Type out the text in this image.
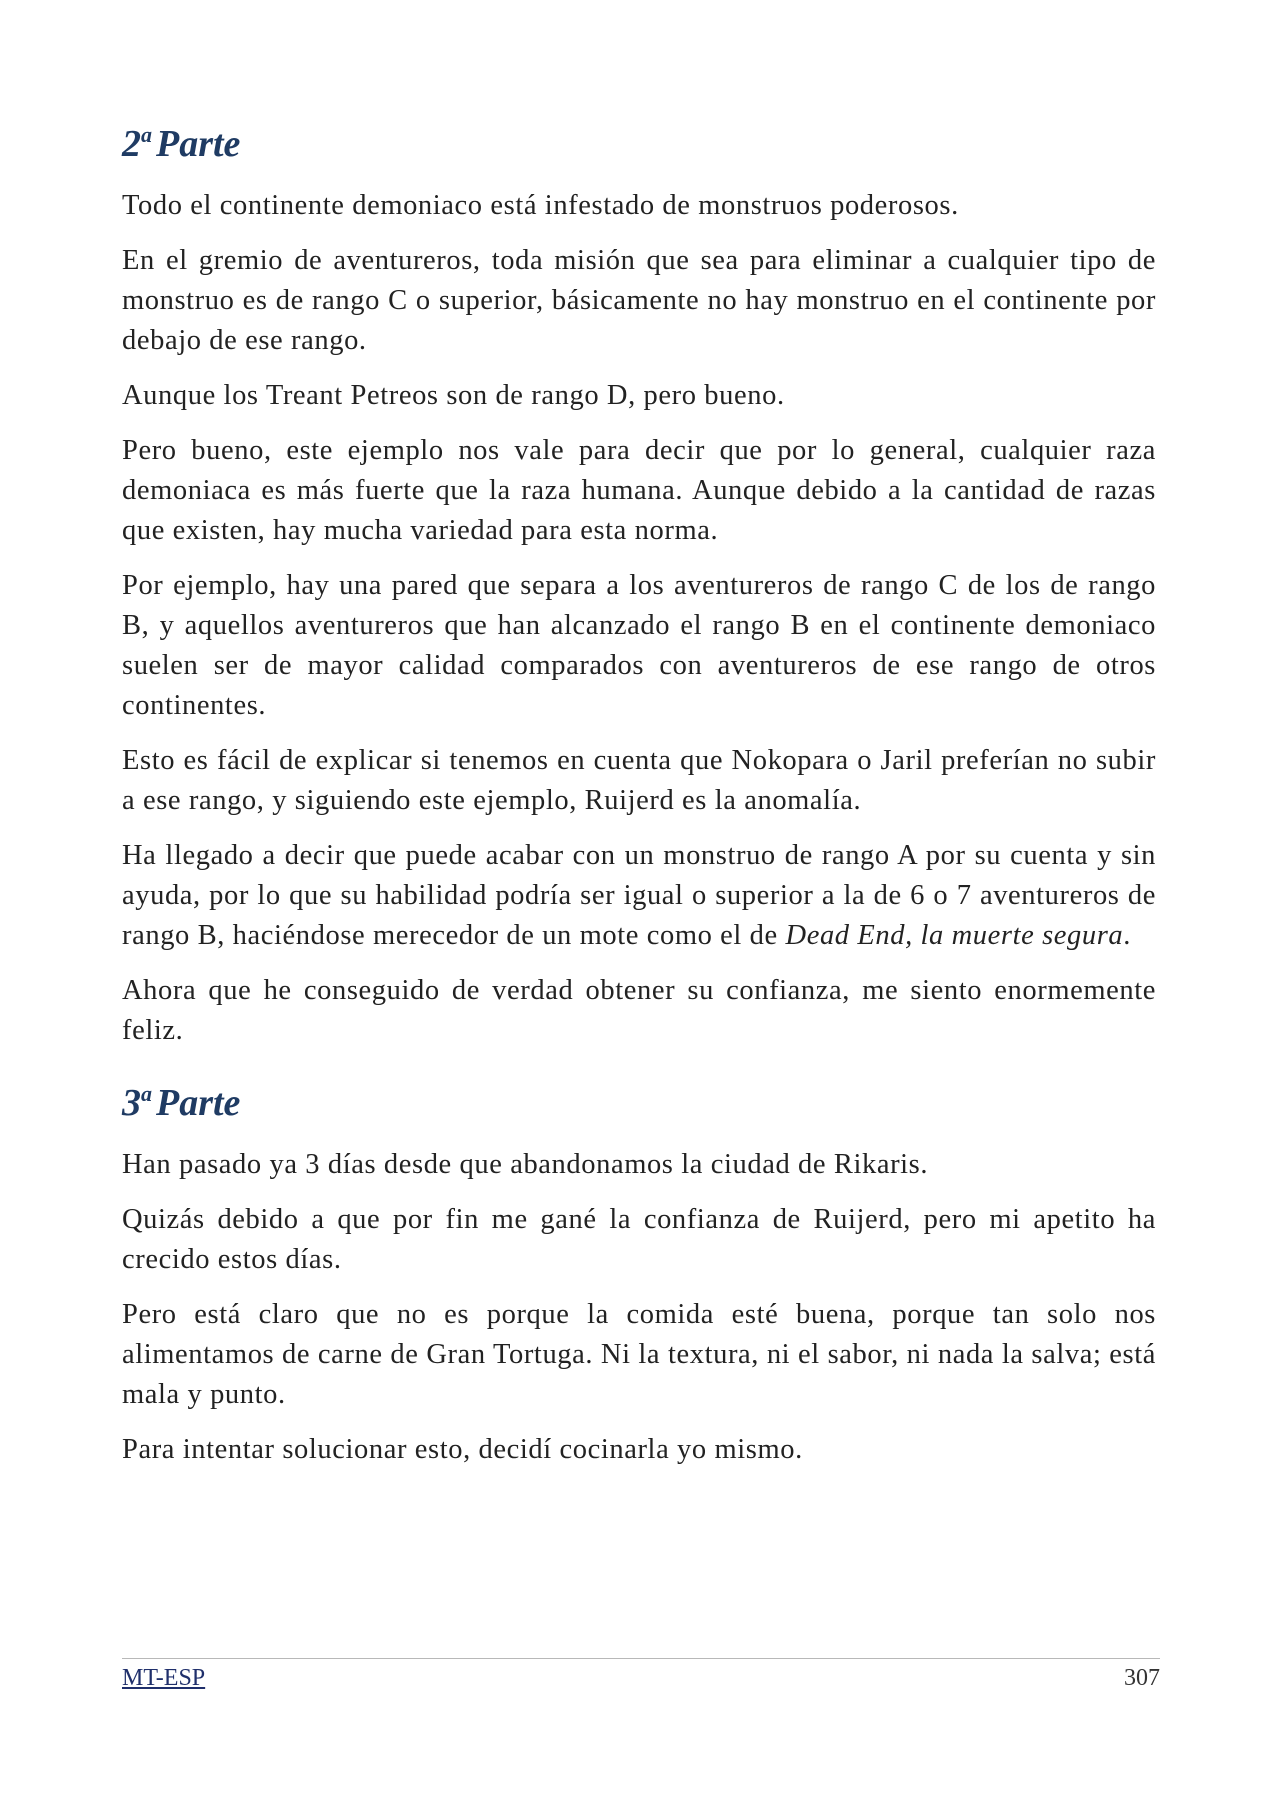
2$^a$ Parte

Todo el continente demoniaco está infestado de monstruos poderosos.

En el gremio de aventureros, toda misión que sea para eliminar a cualquier tipo de monstruo es de rango C o superior, básicamente no hay monstruo en el continente por debajo de ese rango.

Aunque los Treant Petreos son de rango D, pero bueno.

Pero bueno, este ejemplo nos vale para decir que por lo general, cualquier raza demoniaca es más fuerte que la raza humana. Aunque debido a la cantidad de razas que existen, hay mucha variedad para esta norma.

Por ejemplo, hay una pared que separa a los aventureros de rango C de los de rango B, y aquellos aventureros que han alcanzado el rango B en el continente demoniaco suelen ser de mayor calidad comparados con aventureros de ese rango de otros continentes.

Esto es fácil de explicar si tenemos en cuenta que Nokopara o Jaril preferían no subir a ese rango, y siguiendo este ejemplo, Ruijerd es la anomalía.

Ha llegado a decir que puede acabar con un monstruo de rango A por su cuenta y sin ayuda, por lo que su habilidad podría ser igual o superior a la de 6 o 7 aventureros de rango B, haciéndose merecedor de un mote como el de Dead End, la muerte segura.

Ahora que he conseguido de verdad obtener su confianza, me siento enormemente feliz.

3$^a$ Parte

Han pasado ya 3 días desde que abandonamos la ciudad de Rikaris.

Quizás debido a que por fin me gané la confianza de Ruijerd, pero mi apetito ha crecido estos días.

Pero está claro que no es porque la comida esté buena, porque tan solo nos alimentamos de carne de Gran Tortuga. Ni la textura, ni el sabor, ni nada la salva; está mala y punto.

Para intentar solucionar esto, decidí cocinarla yo mismo.

MT-ESP	307
